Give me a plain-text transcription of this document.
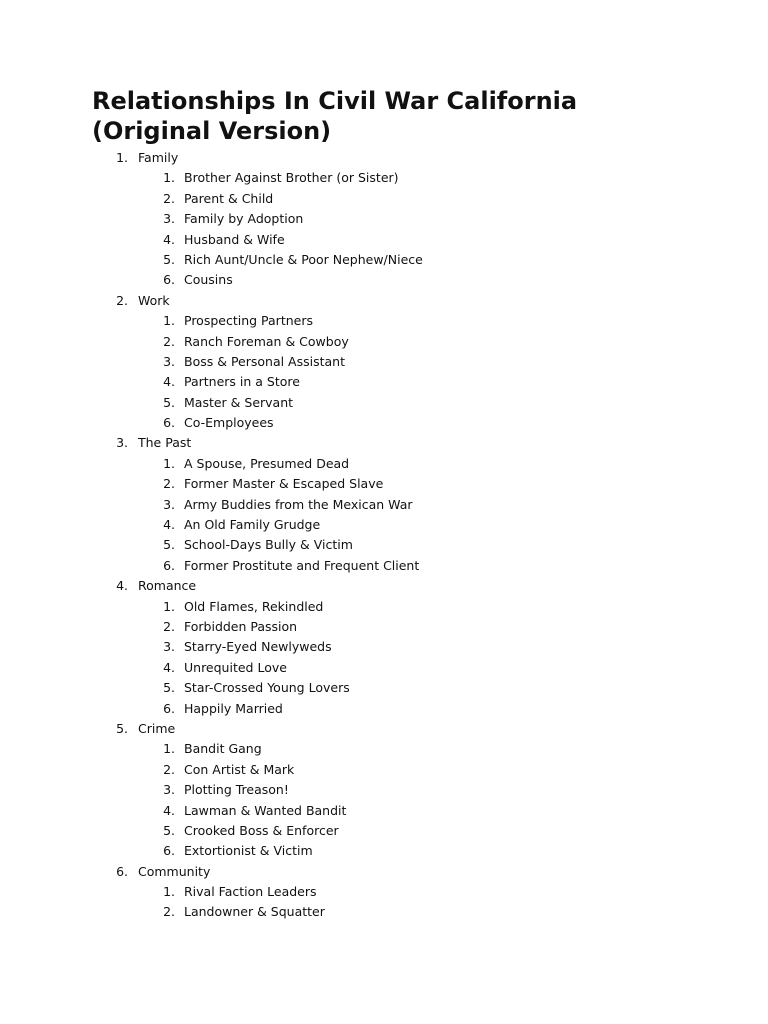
Relationships In Civil War California
(Original Version)
1. Family
1. Brother Against Brother (or Sister)
2. Parent & Child
3. Family by Adoption
4. Husband & Wife
5. Rich Aunt/Uncle & Poor Nephew/Niece
6. Cousins
2. Work
1. Prospecting Partners
2. Ranch Foreman & Cowboy
3. Boss & Personal Assistant
4. Partners in a Store
5. Master & Servant
6. Co-Employees
3. The Past
1. A Spouse, Presumed Dead
2. Former Master & Escaped Slave
3. Army Buddies from the Mexican War
4. An Old Family Grudge
5. School-Days Bully & Victim
6. Former Prostitute and Frequent Client
4. Romance
1. Old Flames, Rekindled
2. Forbidden Passion
3. Starry-Eyed Newlyweds
4. Unrequited Love
5. Star-Crossed Young Lovers
6. Happily Married
5. Crime
1. Bandit Gang
2. Con Artist & Mark
3. Plotting Treason!
4. Lawman & Wanted Bandit
5. Crooked Boss & Enforcer
6. Extortionist & Victim
6. Community
1. Rival Faction Leaders
2. Landowner & Squatter
